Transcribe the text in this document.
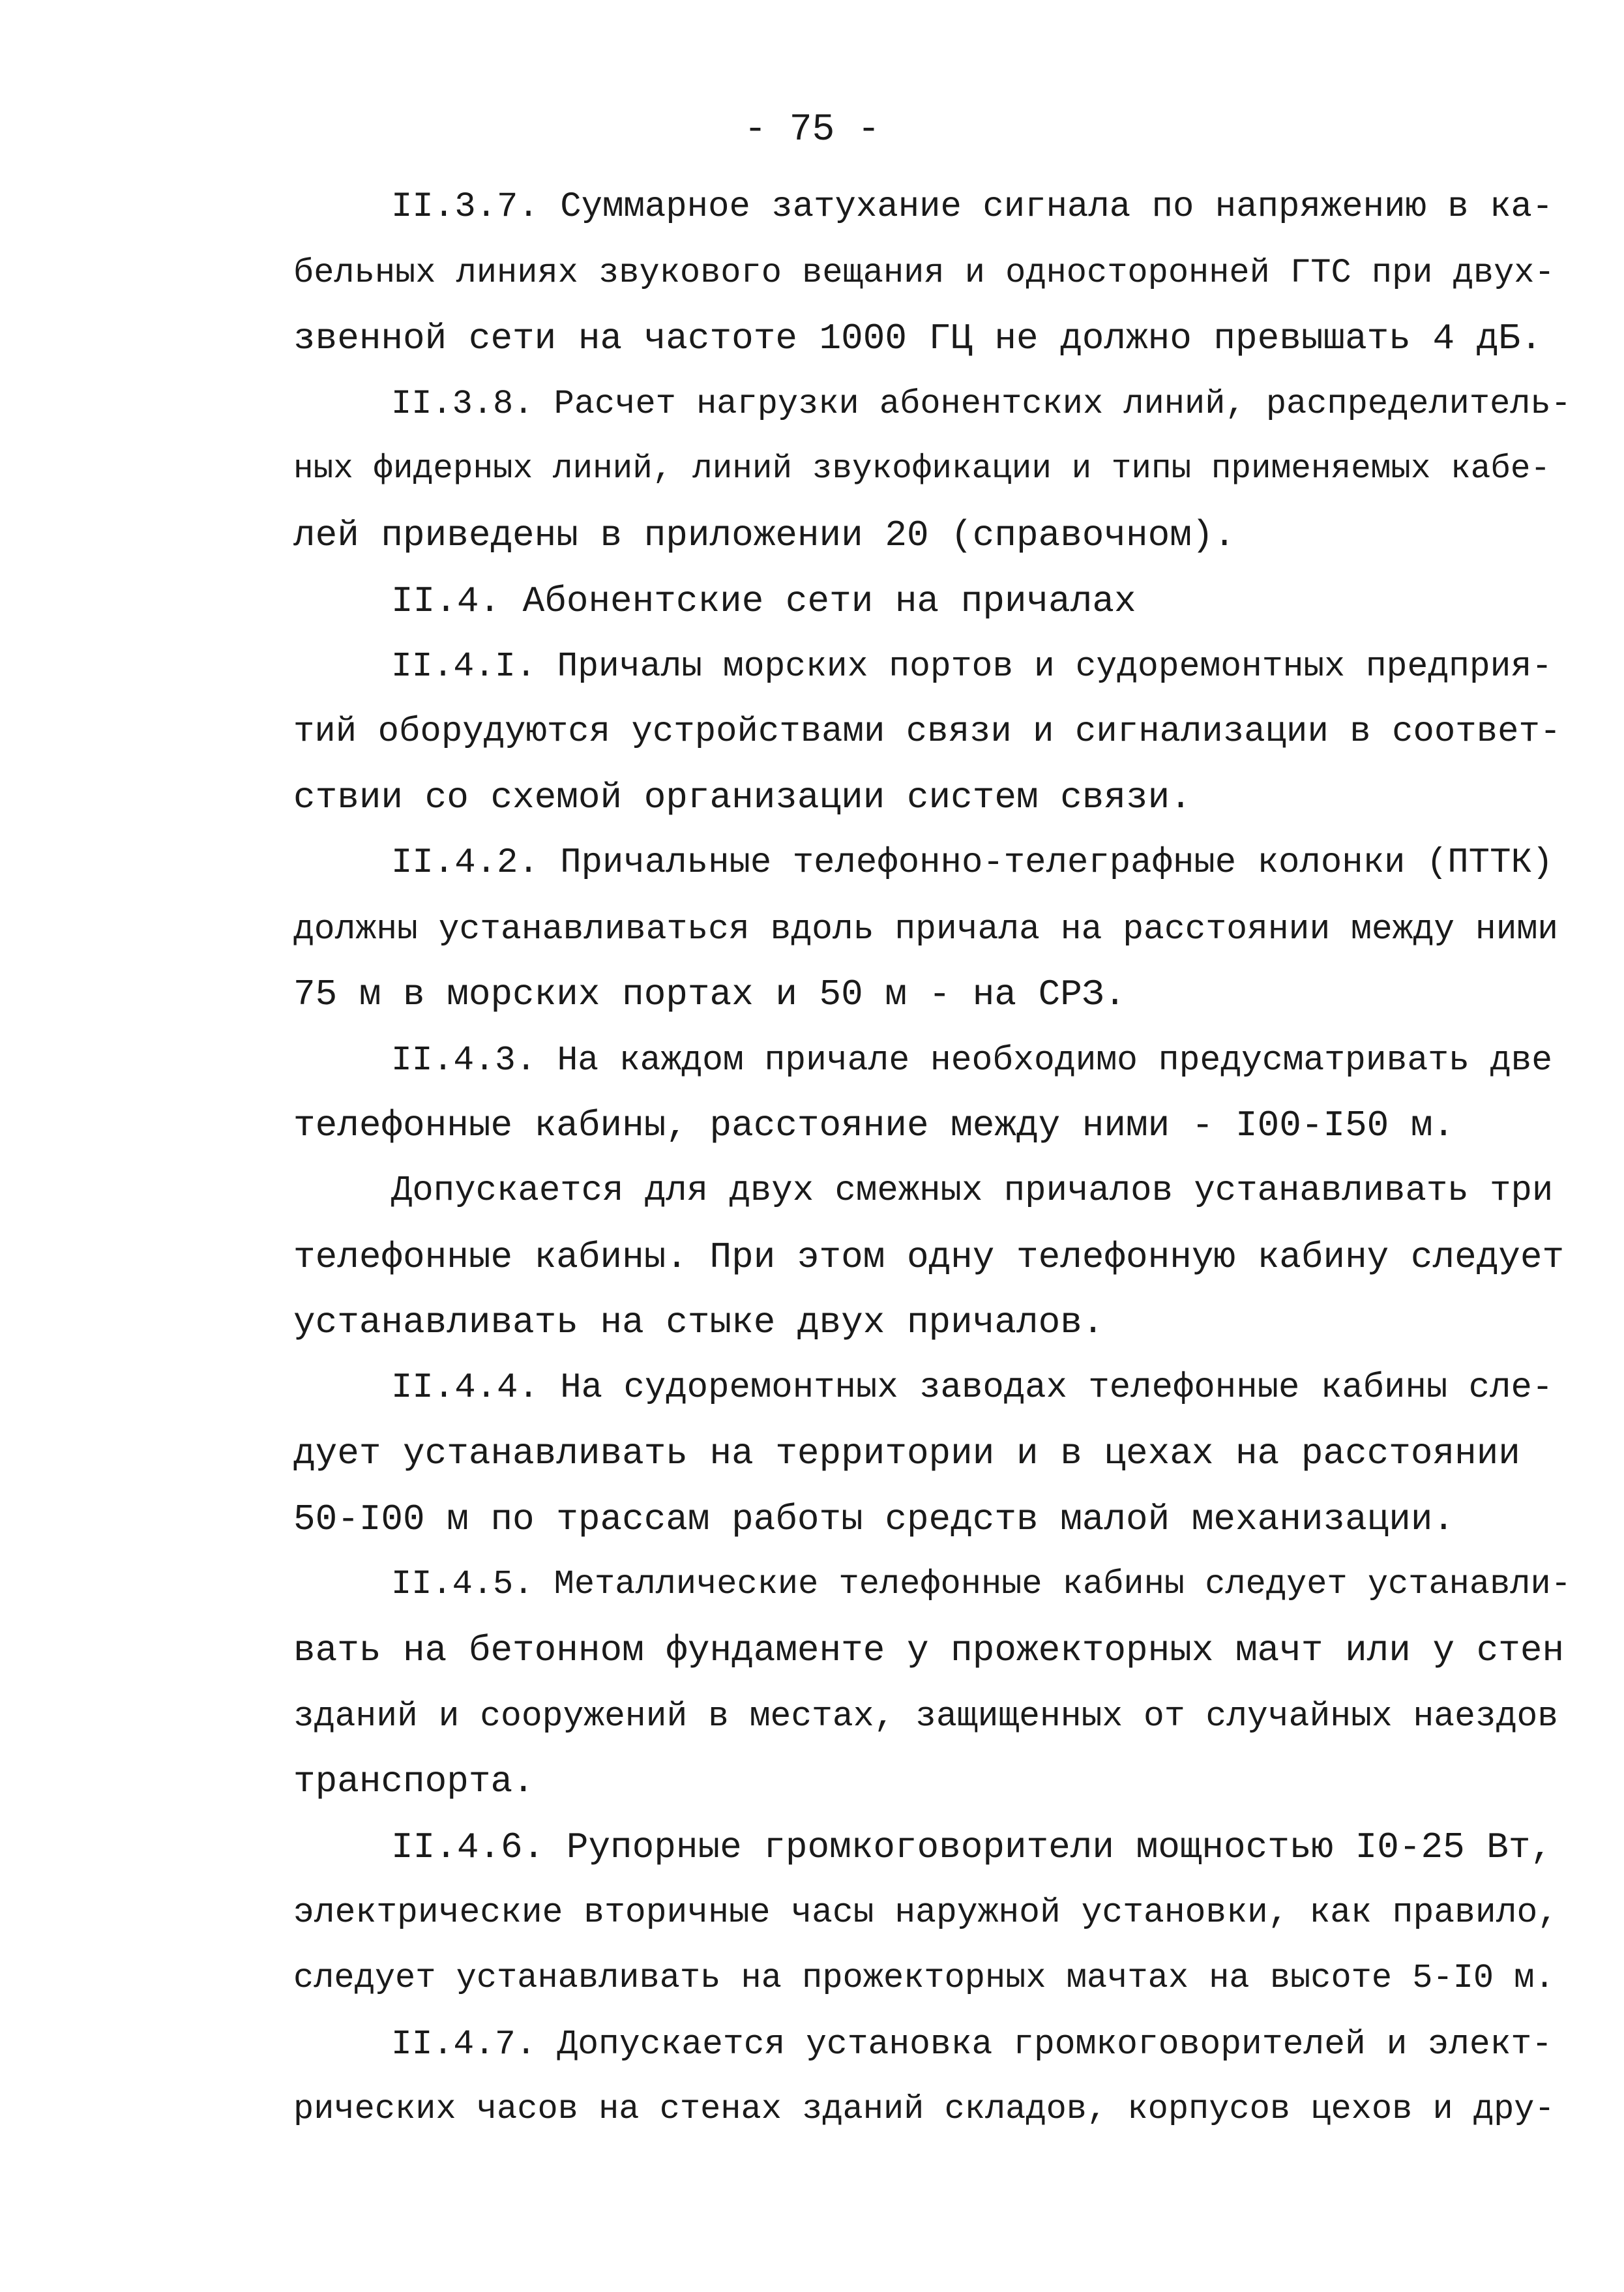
- 75 -
II.3.7. Суммарное затухание сигнала по напряжению в ка-
бельных линиях звукового вещания и односторонней ГТС при двух-
звенной сети на частоте 1000 ГЦ не должно превышать 4 дБ.
II.3.8. Расчет нагрузки абонентских линий, распределитель-
ных фидерных линий, линий звукофикации и типы применяемых кабе-
лей приведены в приложении 20 (справочном).
II.4. Абонентские сети на причалах
II.4.I. Причалы морских портов и судоремонтных предприя-
тий оборудуются устройствами связи и сигнализации в соответ-
ствии со схемой организации систем связи.
II.4.2. Причальные телефонно-телеграфные колонки (ПТТК)
должны устанавливаться вдоль причала на расстоянии между ними
75 м в морских портах и 50 м - на СРЗ.
II.4.3. На каждом причале необходимо предусматривать две
телефонные кабины, расстояние между ними - I00-I50 м.
Допускается для двух смежных причалов устанавливать три
телефонные кабины. При этом одну телефонную кабину следует
устанавливать на стыке двух причалов.
II.4.4. На судоремонтных заводах телефонные кабины сле-
дует устанавливать на территории и в цехах на расстоянии
50-I00 м по трассам работы средств малой механизации.
II.4.5. Металлические телефонные кабины следует устанавли-
вать на бетонном фундаменте у прожекторных мачт или у стен
зданий и сооружений в местах, защищенных от случайных наездов
транспорта.
II.4.6. Рупорные громкоговорители мощностью I0-25 Вт,
электрические вторичные часы наружной установки, как правило,
следует устанавливать на прожекторных мачтах на высоте 5-I0 м.
II.4.7. Допускается установка громкоговорителей и элект-
рических часов на стенах зданий складов, корпусов цехов и дру-
